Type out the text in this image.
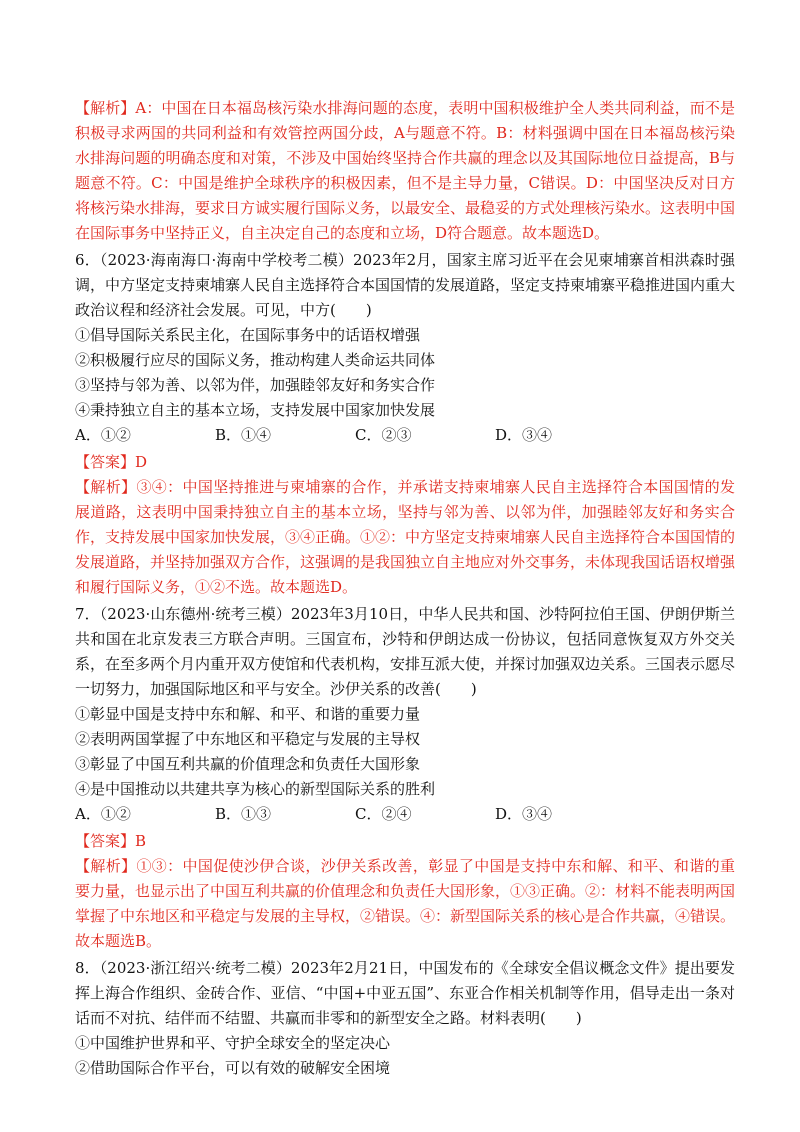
【解析】A：中国在日本福岛核污染水排海问题的态度，表明中国积极维护全人类共同利益，而不是积极寻求两国的共同利益和有效管控两国分歧，A与题意不符。B：材料强调中国在日本福岛核污染水排海问题的明确态度和对策，不涉及中国始终坚持合作共赢的理念以及其国际地位日益提高，B与题意不符。C：中国是维护全球秩序的积极因素，但不是主导力量，C错误。D：中国坚决反对日方将核污染水排海，要求日方诚实履行国际义务，以最安全、最稳妥的方式处理核污染水。这表明中国在国际事务中坚持正义，自主决定自己的态度和立场，D符合题意。故本题选D。

6．（2023·海南海口·海南中学校考二模）2023年2月，国家主席习近平在会见柬埔寨首相洪森时强调，中方坚定支持柬埔寨人民自主选择符合本国国情的发展道路，坚定支持柬埔寨平稳推进国内重大政治议程和经济社会发展。可见，中方(　　)

①倡导国际关系民主化，在国际事务中的话语权增强

②积极履行应尽的国际义务，推动构建人类命运共同体

③坚持与邻为善、以邻为伴，加强睦邻友好和务实合作

④秉持独立自主的基本立场，支持发展中国家加快发展

A．①②	B．①④	C．②③	D．③④

【答案】D

【解析】③④：中国坚持推进与柬埔寨的合作，并承诺支持柬埔寨人民自主选择符合本国国情的发展道路，这表明中国秉持独立自主的基本立场，坚持与邻为善、以邻为伴，加强睦邻友好和务实合作，支持发展中国家加快发展，③④正确。①②：中方坚定支持柬埔寨人民自主选择符合本国国情的发展道路，并坚持加强双方合作，这强调的是我国独立自主地应对外交事务，未体现我国话语权增强和履行国际义务，①②不选。故本题选D。

7．（2023·山东德州·统考三模）2023年3月10日，中华人民共和国、沙特阿拉伯王国、伊朗伊斯兰共和国在北京发表三方联合声明。三国宣布，沙特和伊朗达成一份协议，包括同意恢复双方外交关系，在至多两个月内重开双方使馆和代表机构，安排互派大使，并探讨加强双边关系。三国表示愿尽一切努力，加强国际地区和平与安全。沙伊关系的改善(　　)

①彰显中国是支持中东和解、和平、和谐的重要力量

②表明两国掌握了中东地区和平稳定与发展的主导权

③彰显了中国互利共赢的价值理念和负责任大国形象

④是中国推动以共建共享为核心的新型国际关系的胜利

A．①②	B．①③	C．②④	D．③④

【答案】B

【解析】①③：中国促使沙伊合谈，沙伊关系改善，彰显了中国是支持中东和解、和平、和谐的重要力量，也显示出了中国互利共赢的价值理念和负责任大国形象，①③正确。②：材料不能表明两国掌握了中东地区和平稳定与发展的主导权，②错误。④：新型国际关系的核心是合作共赢，④错误。故本题选B。

8．（2023·浙江绍兴·统考二模）2023年2月21日，中国发布的《全球安全倡议概念文件》提出要发挥上海合作组织、金砖合作、亚信、“中国+中亚五国”、东亚合作相关机制等作用，倡导走出一条对话而不对抗、结伴而不结盟、共赢而非零和的新型安全之路。材料表明(　　)

①中国维护世界和平、守护全球安全的坚定决心

②借助国际合作平台，可以有效的破解安全困境
